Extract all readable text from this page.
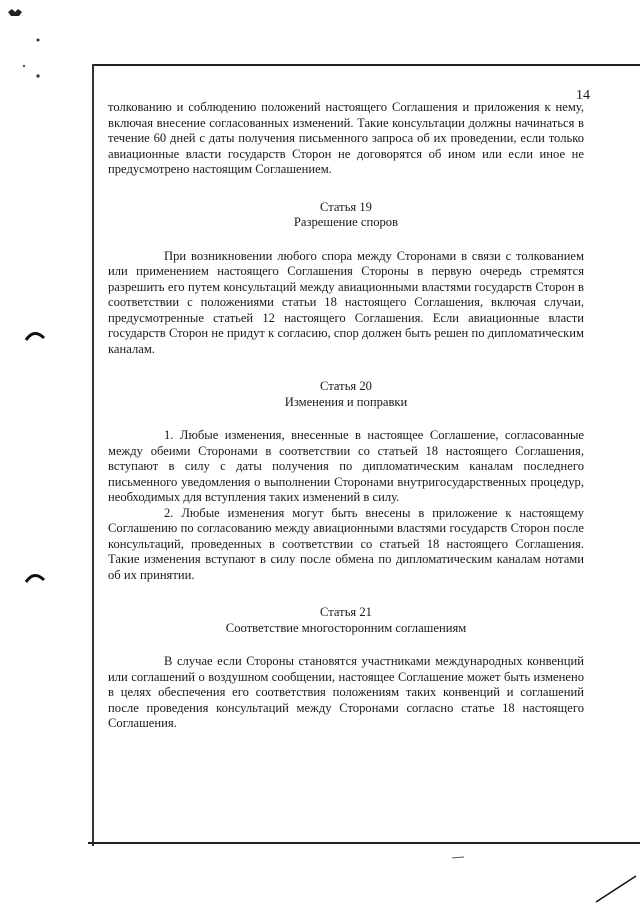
14

толкованию и соблюдению положений настоящего Соглашения и приложения к нему, включая внесение согласованных изменений. Такие консультации должны начинаться в течение 60 дней с даты получения письменного запроса об их проведении, если только авиационные власти государств Сторон не договорятся об ином или если иное не предусмотрено настоящим Соглашением.

Статья 19

Разрешение споров

При возникновении любого спора между Сторонами в связи с толкованием или применением настоящего Соглашения Стороны в первую очередь стремятся разрешить его путем консультаций между авиационными властями государств Сторон в соответствии с положениями статьи 18 настоящего Соглашения, включая случаи, предусмотренные статьей 12 настоящего Соглашения. Если авиационные власти государств Сторон не придут к согласию, спор должен быть решен по дипломатическим каналам.

Статья 20

Изменения и поправки

1. Любые изменения, внесенные в настоящее Соглашение, согласованные между обеими Сторонами в соответствии со статьей 18 настоящего Соглашения, вступают в силу с даты получения по дипломатическим каналам последнего письменного уведомления о выполнении Сторонами внутригосударственных процедур, необходимых для вступления таких изменений в силу.

2. Любые изменения могут быть внесены в приложение к настоящему Соглашению по согласованию между авиационными властями государств Сторон после консультаций, проведенных в соответствии со статьей 18 настоящего Соглашения. Такие изменения вступают в силу после обмена по дипломатическим каналам нотами об их принятии.

Статья 21

Соответствие многосторонним соглашениям

В случае если Стороны становятся участниками международных конвенций или соглашений о воздушном сообщении, настоящее Соглашение может быть изменено в целях обеспечения его соответствия положениям таких конвенций и соглашений после проведения консультаций между Сторонами согласно статье 18 настоящего Соглашения.
